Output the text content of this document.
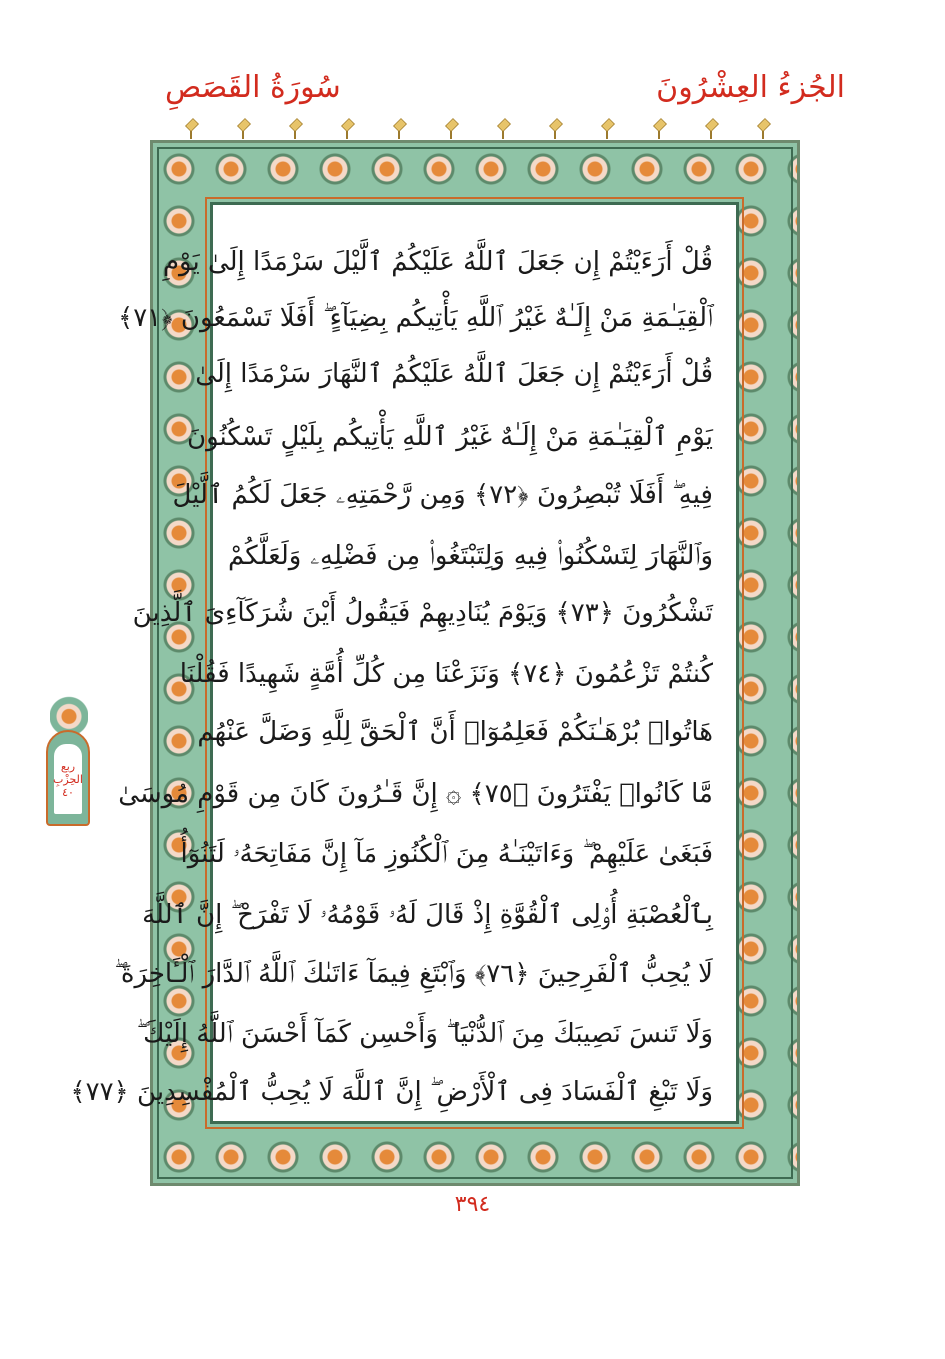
سُورَةُ القَصَصِ	الجُزءُ العِشْرُونَ
قُلْ أَرَءَيْتُمْ إِن جَعَلَ ٱللَّهُ عَلَيْكُمُ ٱلَّيْلَ سَرْمَدًا إِلَىٰ يَوْمِ
ٱلْقِيَـٰمَةِ مَنْ إِلَـٰهٌ غَيْرُ ٱللَّهِ يَأْتِيكُم بِضِيَآءٍ ۖ أَفَلَا تَسْمَعُونَ ﴿٧١﴾
قُلْ أَرَءَيْتُمْ إِن جَعَلَ ٱللَّهُ عَلَيْكُمُ ٱلنَّهَارَ سَرْمَدًا إِلَىٰ
يَوْمِ ٱلْقِيَـٰمَةِ مَنْ إِلَـٰهٌ غَيْرُ ٱللَّهِ يَأْتِيكُم بِلَيْلٍ تَسْكُنُونَ
فِيهِ ۖ أَفَلَا تُبْصِرُونَ ﴿٧٢﴾ وَمِن رَّحْمَتِهِۦ جَعَلَ لَكُمُ ٱلَّيْلَ
وَٱلنَّهَارَ لِتَسْكُنُوا۟ فِيهِ وَلِتَبْتَغُوا۟ مِن فَضْلِهِۦ وَلَعَلَّكُمْ
تَشْكُرُونَ ﴿٧٣﴾ وَيَوْمَ يُنَادِيهِمْ فَيَقُولُ أَيْنَ شُرَكَآءِىَ ٱلَّذِينَ
كُنتُمْ تَزْعُمُونَ ﴿٧٤﴾ وَنَزَعْنَا مِن كُلِّ أُمَّةٍ شَهِيدًا فَقُلْنَا
هَاتُوا۟ بُرْهَـٰنَكُمْ فَعَلِمُوٓا۟ أَنَّ ٱلْحَقَّ لِلَّهِ وَضَلَّ عَنْهُم
مَّا كَانُوا۟ يَفْتَرُونَ ﴿٧٥﴾ ۞ إِنَّ قَـٰرُونَ كَانَ مِن قَوْمِ مُوسَىٰ
فَبَغَىٰ عَلَيْهِمْ ۖ وَءَاتَيْنَـٰهُ مِنَ ٱلْكُنُوزِ مَآ إِنَّ مَفَاتِحَهُۥ لَتَنُوٓأُ
بِٱلْعُصْبَةِ أُو۟لِى ٱلْقُوَّةِ إِذْ قَالَ لَهُۥ قَوْمُهُۥ لَا تَفْرَحْ ۖ إِنَّ ٱللَّهَ
لَا يُحِبُّ ٱلْفَرِحِينَ ﴿٧٦﴾ وَٱبْتَغِ فِيمَآ ءَاتَىٰكَ ٱللَّهُ ٱلدَّارَ ٱلْـَٔاخِرَةَ ۖ
وَلَا تَنسَ نَصِيبَكَ مِنَ ٱلدُّنْيَا ۖ وَأَحْسِن كَمَآ أَحْسَنَ ٱللَّهُ إِلَيْكَ ۖ
وَلَا تَبْغِ ٱلْفَسَادَ فِى ٱلْأَرْضِ ۖ إِنَّ ٱللَّهَ لَا يُحِبُّ ٱلْمُفْسِدِينَ ﴿٧٧﴾
ربع
الحِزْبِ
٤٠
٣٩٤
